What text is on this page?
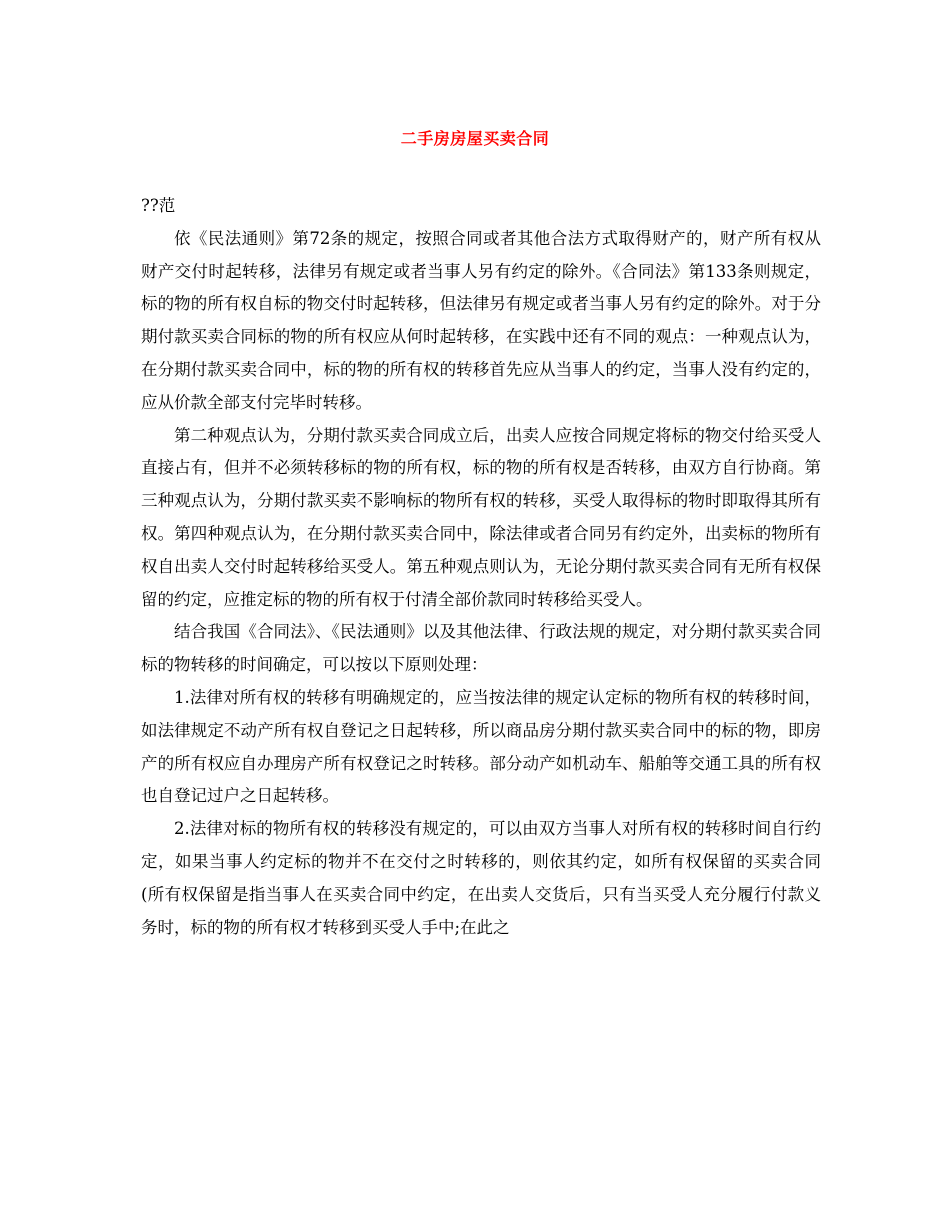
二手房房屋买卖合同

??范

依《民法通则》第72条的规定，按照合同或者其他合法方式取得财产的，财产所有权从财产交付时起转移，法律另有规定或者当事人另有约定的除外。《合同法》第133条则规定，标的物的所有权自标的物交付时起转移，但法律另有规定或者当事人另有约定的除外。对于分期付款买卖合同标的物的所有权应从何时起转移，在实践中还有不同的观点：一种观点认为，在分期付款买卖合同中，标的物的所有权的转移首先应从当事人的约定，当事人没有约定的，应从价款全部支付完毕时转移。

第二种观点认为，分期付款买卖合同成立后，出卖人应按合同规定将标的物交付给买受人直接占有，但并不必须转移标的物的所有权，标的物的所有权是否转移，由双方自行协商。第三种观点认为，分期付款买卖不影响标的物所有权的转移，买受人取得标的物时即取得其所有权。第四种观点认为，在分期付款买卖合同中，除法律或者合同另有约定外，出卖标的物所有权自出卖人交付时起转移给买受人。第五种观点则认为，无论分期付款买卖合同有无所有权保留的约定，应推定标的物的所有权于付清全部价款同时转移给买受人。

结合我国《合同法》、《民法通则》以及其他法律、行政法规的规定，对分期付款买卖合同标的物转移的时间确定，可以按以下原则处理：

1.法律对所有权的转移有明确规定的，应当按法律的规定认定标的物所有权的转移时间，如法律规定不动产所有权自登记之日起转移，所以商品房分期付款买卖合同中的标的物，即房产的所有权应自办理房产所有权登记之时转移。部分动产如机动车、船舶等交通工具的所有权也自登记过户之日起转移。

2.法律对标的物所有权的转移没有规定的，可以由双方当事人对所有权的转移时间自行约定，如果当事人约定标的物并不在交付之时转移的，则依其约定，如所有权保留的买卖合同(所有权保留是指当事人在买卖合同中约定，在出卖人交货后，只有当买受人充分履行付款义务时，标的物的所有权才转移到买受人手中;在此之
